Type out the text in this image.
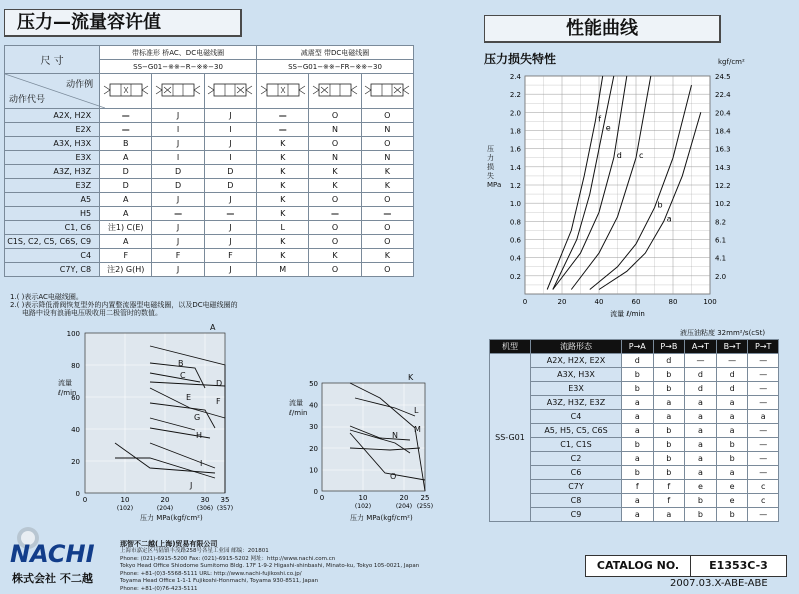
压力—流量容许值	性能曲线
尺 寸	带标准形 桥AC、DC电磁线圈			减震型 带DC电磁线圈		
	SS−G01−※※−R−※※−30			SS−G01−※※−FR−※※−30		

动作例
动作代号

A2X, H2X	—	J	J	—	O	O
E2X	—	I	I	—	N	N
A3X, H3X	B	J	J	K	O	O
E3X	A	I	I	K	N	N
A3Z, H3Z	D	D	D	K	K	K
E3Z	D	D	D	K	K	K
A5	A	J	J	K	O	O
H5	A	—	—	K	—	—
C1, C6	注1) C(E)	J	J	L	O	O
C1S, C2, C5, C6S, C9	A	J	J	K	O	O
C4	F	F	F	K	K	K
C7Y, C8	注2) G(H)	J	J	M	O	O
1.( )表示AC电磁线圈。
2.( )表示降低滑阀恢复型外的内置整流器型电磁线圈，以及DC电磁线圈的
电路中设有浪涌电压吸收用二极管时的数值。
0
20
40
60
80
100
0	10	20	30 35
(102)	(204)	(306) (357)
A
B
C
D
E	F
G
H
I
J
流量 ℓ/min
压力 MPa(kgf/cm²)
0
10
20
30
40
50
0	10	20 25
(102)	(204) (255)
K
L
M
N
O
流量 ℓ/min
压力 MPa(kgf/cm²)
压力损失特性	kgf/cm²
0.2
0.4
0.6
0.8
1.0
1.2
1.4
1.6
1.8
2.0
2.2
2.4
2.0
4.1
6.1
8.2
10.2
12.2
14.3
16.3
18.4
20.4
22.4
24.5
0	20	40	60	80	100
流量 ℓ/min
a
b
c
d
e
f
压力损失 MPa
液压油粘度 32mm²/s(cSt)
机型	流路形态	P→A	P→B	A→T	B→T	P→T
SS-G01	A2X, H2X, E2X	d	d	—	—	—
	A3X, H3X	b	b	d	d	—
	E3X	b	b	d	d	—
	A3Z, H3Z, E3Z	a	a	a	a	—
	C4	a	a	a	a	a
	A5, H5, C5, C6S	a	b	a	a	—
	C1, C1S	b	b	a	b	—
	C2	a	b	a	b	—
	C6	b	b	a	a	—
	C7Y	f	f	e	e	c
	C8	a	f	b	e	c
	C9	a	a	b	b	—
NACHI
株式会社 不二越
那智不二越(上海)贸易有限公司
上海市嘉定区马陆镇丰茂路258号各星工业园 邮编：201801
Phone: (021)-6915-5200 Fax: (021)-6915-5202 网址：http://www.nachi.com.cn
Tokyo Head Office Shiodome Sumitomo Bldg. 17F 1-9-2 Higashi-shinbashi, Minato-ku, Tokyo 105-0021, Japan
Phone: +81-(0)3-5568-5111 URL: http://www.nachi-fujikoshi.co.jp/
Toyama Head Office 1-1-1 Fujikoshi-Honmachi, Toyama 930-8511, Japan
Phone: +81-(0)76-423-5111
CATALOG NO.	E1353C-3
2007.03.X-ABE-ABE
